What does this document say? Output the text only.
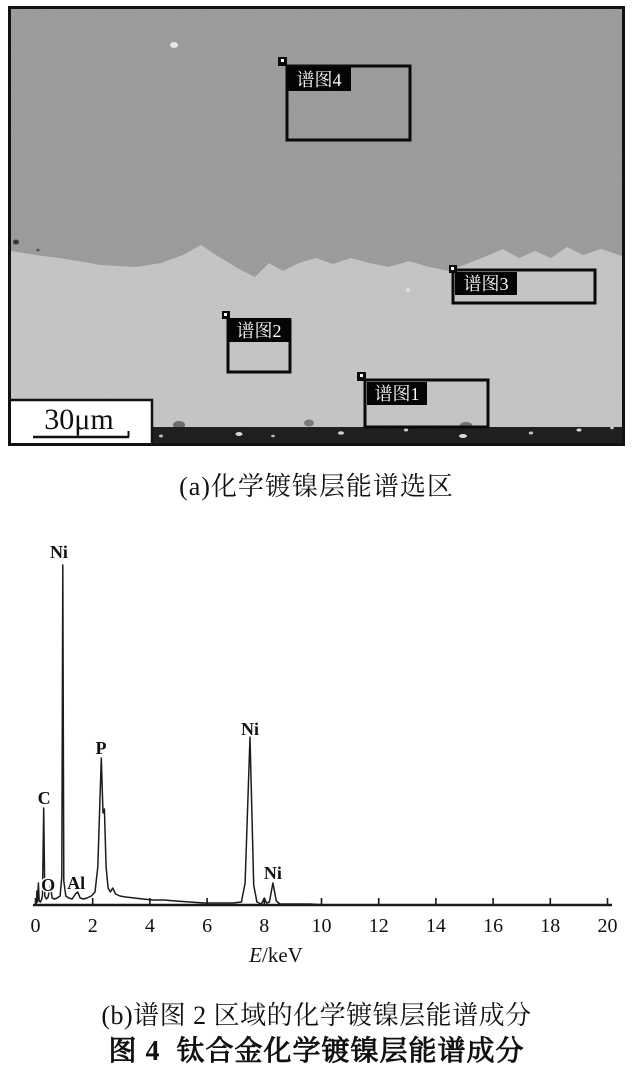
谱图4
谱图3
谱图2
谱图1
30μm
(a)化学镀镍层能谱选区
0 2 4 6 8 10 12 14 16 18 20
E/keV
Ni
C
O Al
P
Ni
Ni
(b)谱图 2 区域的化学镀镍层能谱成分
图 4  钛合金化学镀镍层能谱成分
